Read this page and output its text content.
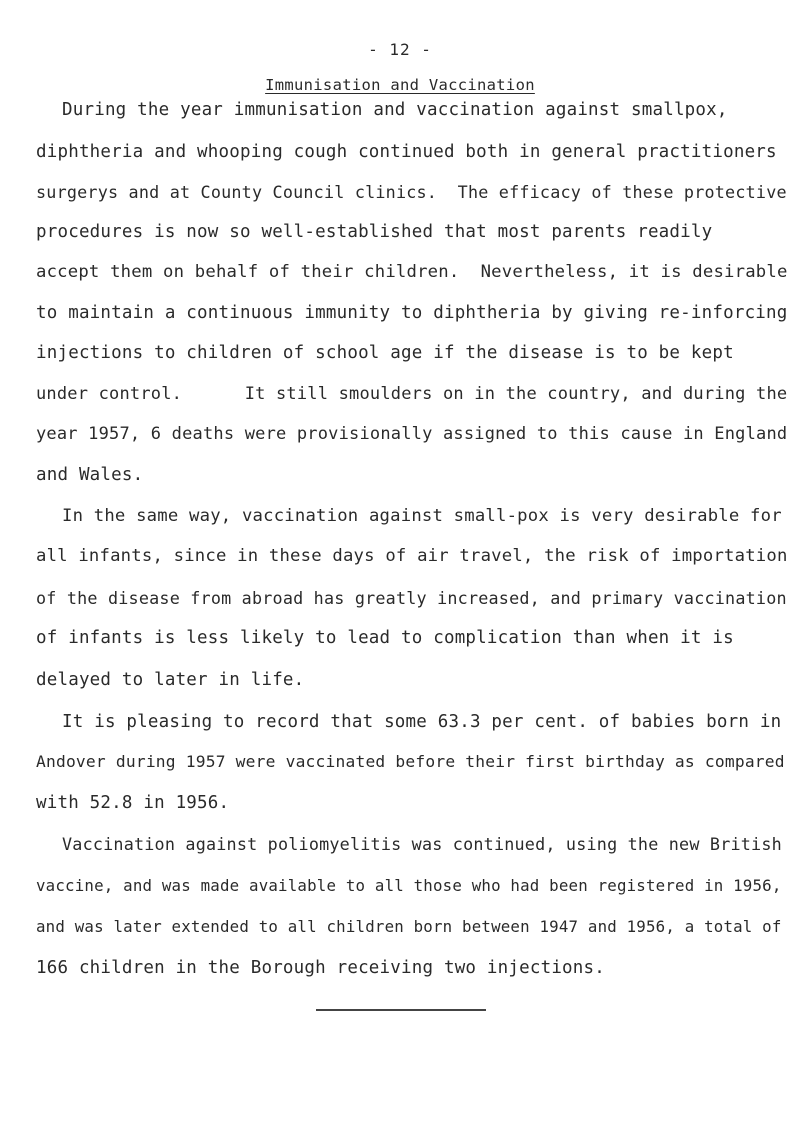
- 12 -
Immunisation and Vaccination
During the year immunisation and vaccination against smallpox,
diphtheria and whooping cough continued both in general practitioners
surgerys and at County Council clinics.  The efficacy of these protective
procedures is now so well-established that most parents readily
accept them on behalf of their children.  Nevertheless, it is desirable
to maintain a continuous immunity to diphtheria by giving re-inforcing
injections to children of school age if the disease is to be kept
under control.      It still smoulders on in the country, and during the
year 1957, 6 deaths were provisionally assigned to this cause in England
and Wales.
In the same way, vaccination against small-pox is very desirable for
all infants, since in these days of air travel, the risk of importation
of the disease from abroad has greatly increased, and primary vaccination
of infants is less likely to lead to complication than when it is
delayed to later in life.
It is pleasing to record that some 63.3 per cent. of babies born in
Andover during 1957 were vaccinated before their first birthday as compared
with 52.8 in 1956.
Vaccination against poliomyelitis was continued, using the new British
vaccine, and was made available to all those who had been registered in 1956,
and was later extended to all children born between 1947 and 1956, a total of
166 children in the Borough receiving two injections.
